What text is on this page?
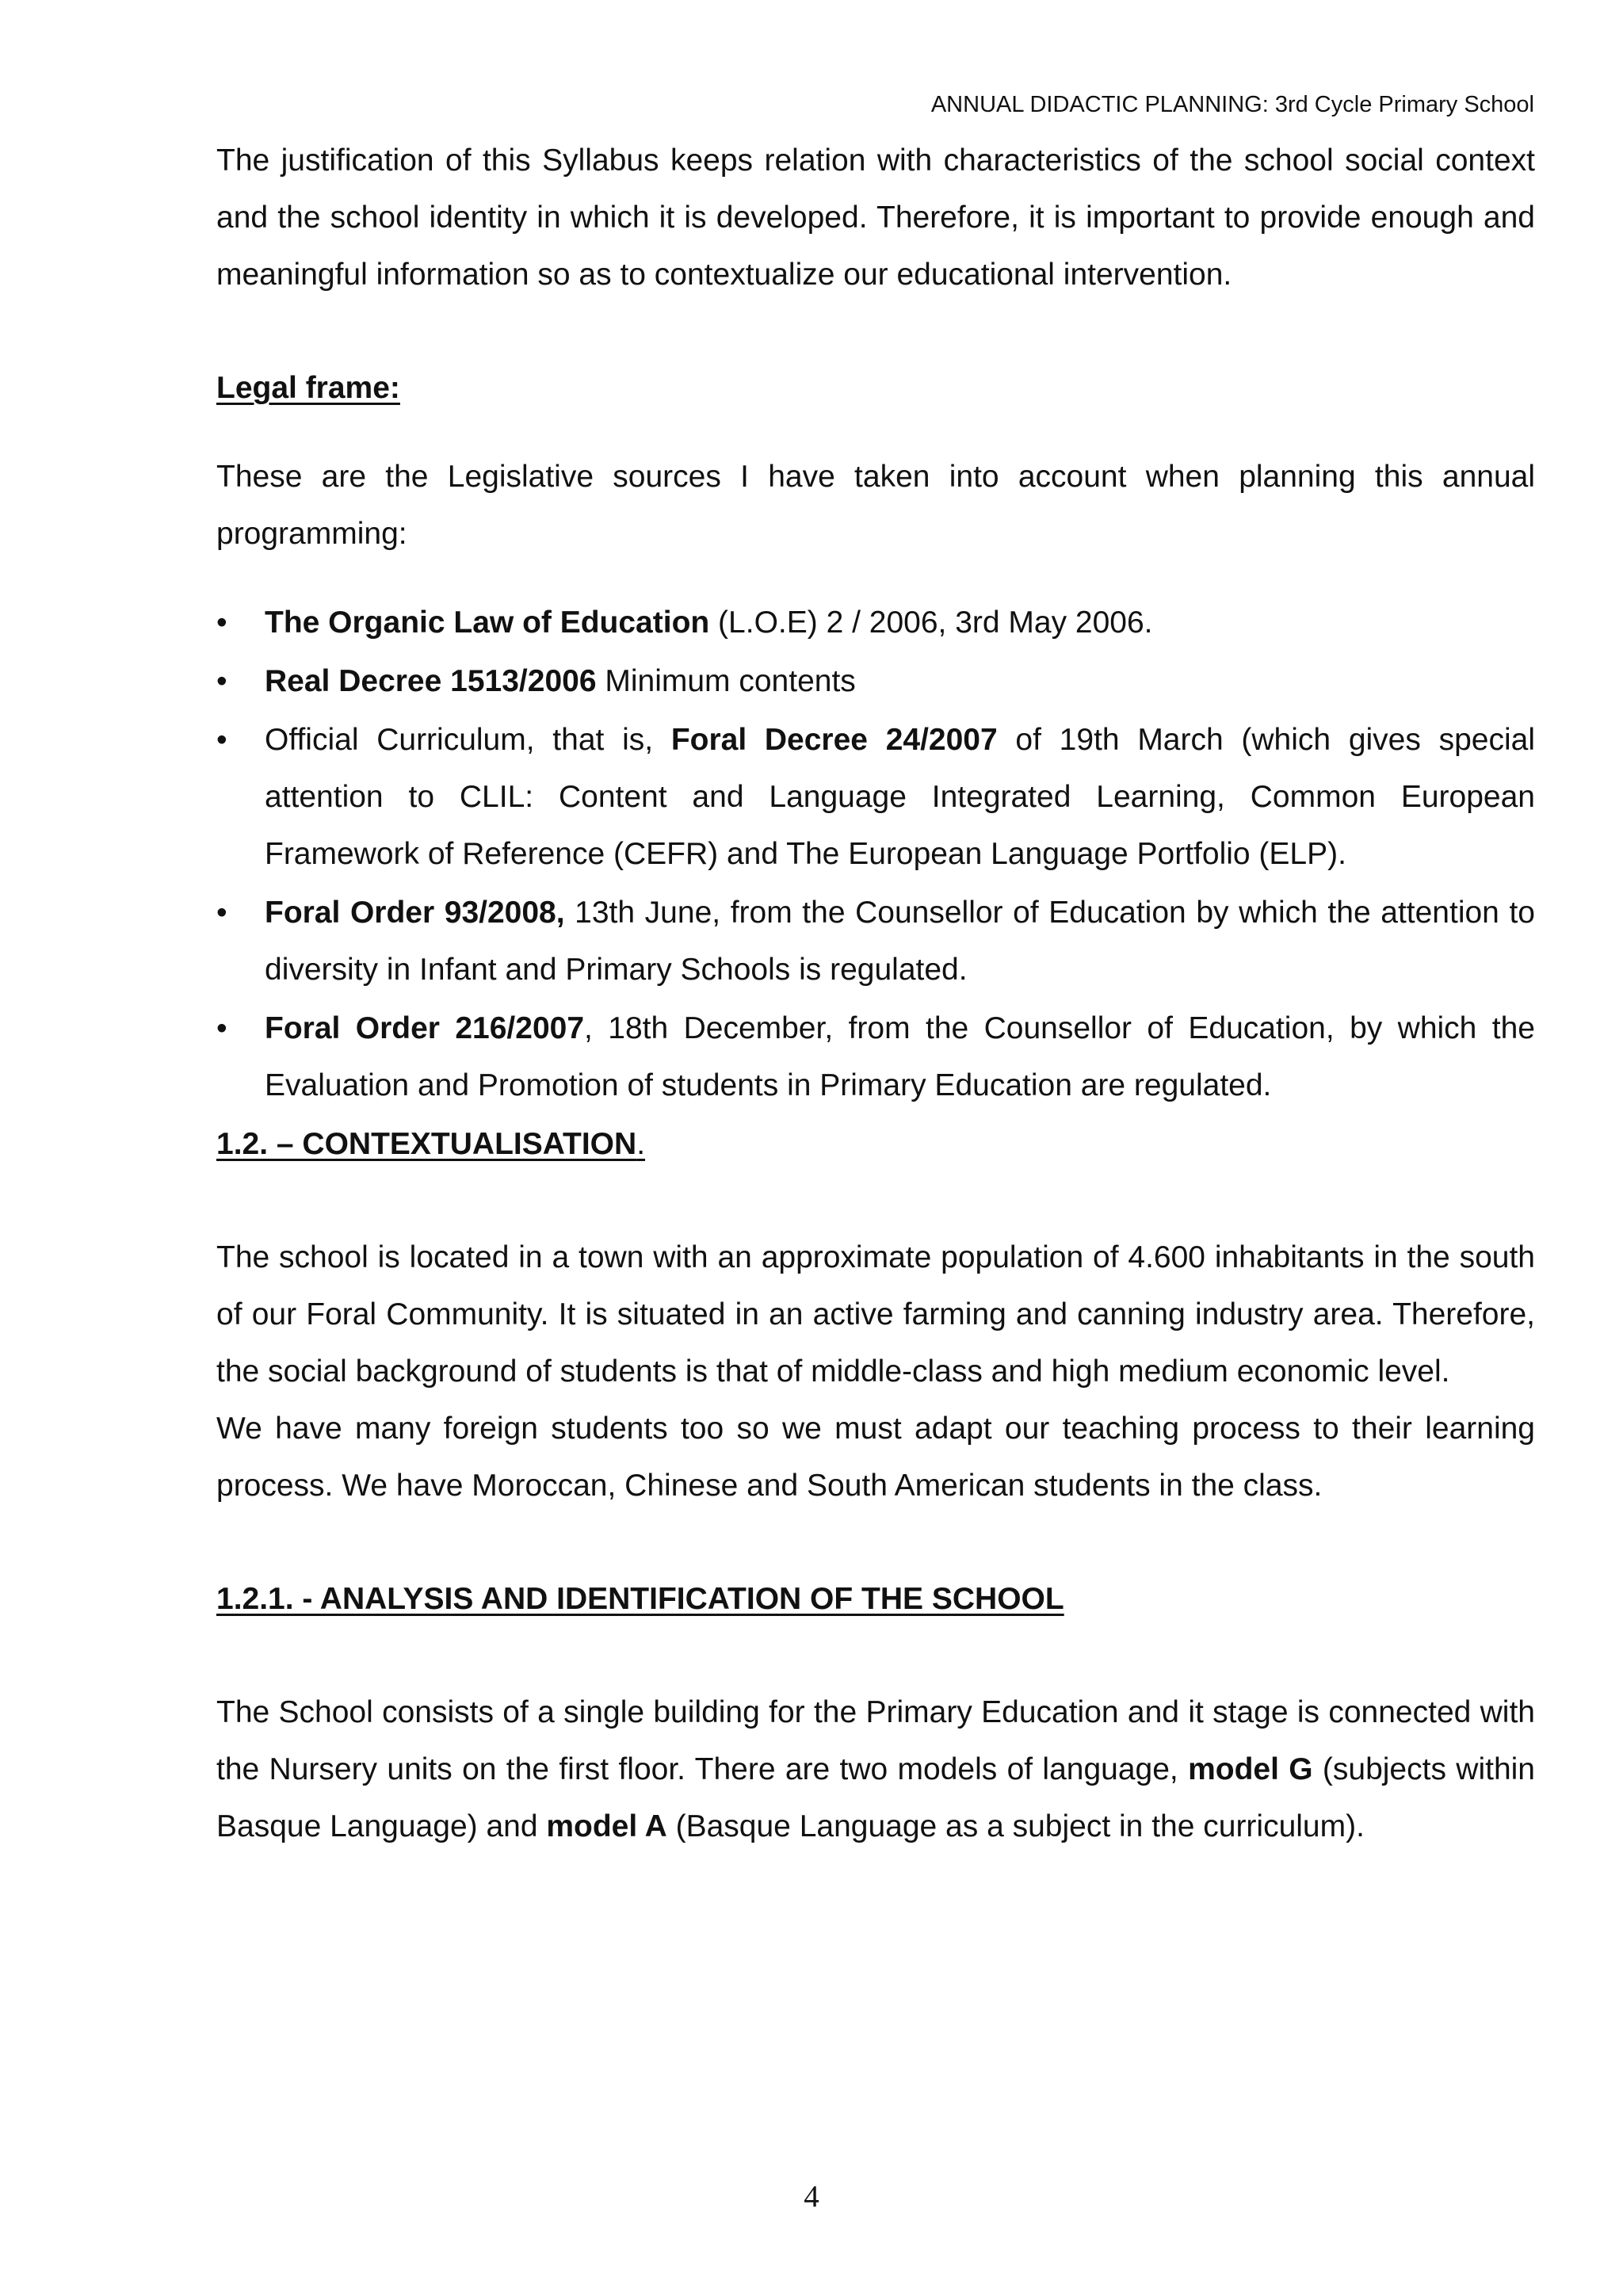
ANNUAL DIDACTIC PLANNING: 3rd Cycle Primary School

The justification of this Syllabus keeps relation with characteristics of the school social context and the school identity in which it is developed. Therefore, it is important to provide enough and meaningful information so as to contextualize our educational intervention.

Legal frame:

These are the Legislative sources I have taken into account when planning this annual programming:

•	The Organic Law of Education (L.O.E) 2 / 2006, 3rd May 2006.
•	Real Decree 1513/2006 Minimum contents
•	Official Curriculum, that is, Foral Decree 24/2007 of 19th March (which gives special attention to CLIL: Content and Language Integrated Learning, Common European Framework of Reference (CEFR) and The European Language Portfolio (ELP).
•	Foral Order 93/2008, 13th June, from the Counsellor of Education by which the attention to diversity in Infant and Primary Schools is regulated.
•	Foral Order 216/2007, 18th December, from the Counsellor of Education, by which the Evaluation and Promotion of students in Primary Education are regulated.

1.2. – CONTEXTUALISATION.

The school is located in a town with an approximate population of 4.600 inhabitants in the south of our Foral Community. It is situated in an active farming and canning industry area. Therefore, the social background of students is that of middle-class and high medium economic level.

We have many foreign students too so we must adapt our teaching process to their learning process. We have Moroccan, Chinese and South American students in the class.

1.2.1. - ANALYSIS AND IDENTIFICATION OF THE SCHOOL

The School consists of a single building for the Primary Education and it stage is connected with the Nursery units on the first floor. There are two models of language, model G (subjects within Basque Language) and model A (Basque Language as a subject in the curriculum).

4
